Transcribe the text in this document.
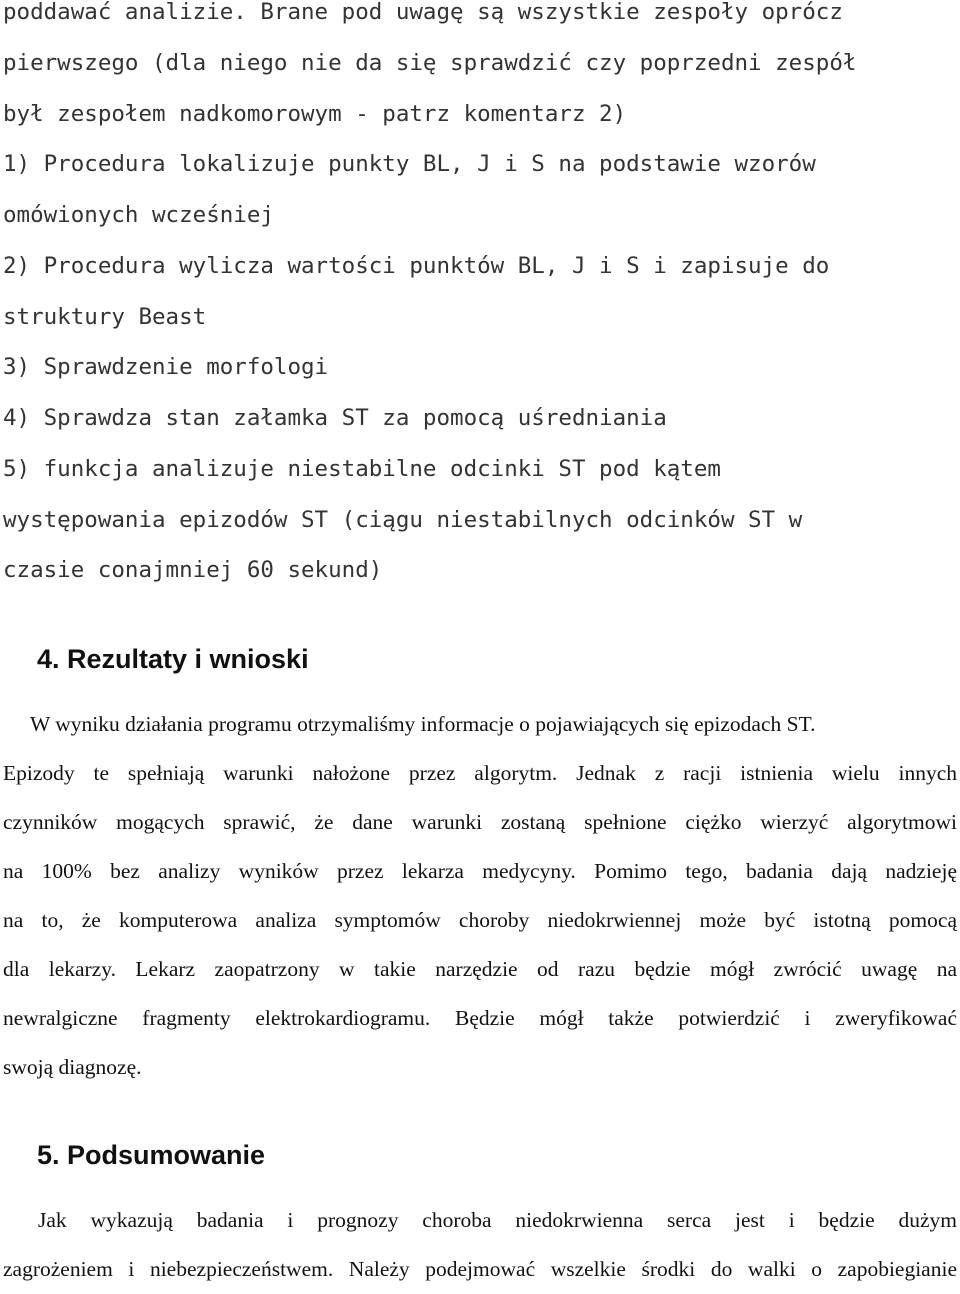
poddawać analizie. Brane pod uwagę są wszystkie zespoły oprócz
pierwszego (dla niego nie da się sprawdzić czy poprzedni zespół
był zespołem nadkomorowym - patrz komentarz 2)
1) Procedura lokalizuje punkty BL, J i S na podstawie wzorów
omówionych wcześniej
2) Procedura wylicza wartości punktów BL, J i S i zapisuje do
struktury Beast
3) Sprawdzenie morfologi
4) Sprawdza stan załamka ST za pomocą uśredniania
5) funkcja analizuje niestabilne odcinki ST pod kątem
występowania epizodów ST (ciągu niestabilnych odcinków ST w
czasie conajmniej 60 sekund)
4. Rezultaty i wnioski
W wyniku działania programu otrzymaliśmy informacje o pojawiających się epizodach ST.
Epizody te spełniają warunki nałożone przez algorytm. Jednak z racji istnienia wielu innych
czynników mogących sprawić, że dane warunki zostaną spełnione ciężko wierzyć algorytmowi
na 100% bez analizy wyników przez lekarza medycyny. Pomimo tego, badania dają nadzieję
na to, że komputerowa analiza symptomów choroby niedokrwiennej może być istotną pomocą
dla lekarzy. Lekarz zaopatrzony w takie narzędzie od razu będzie mógł zwrócić uwagę na
newralgiczne fragmenty elektrokardiogramu. Będzie mógł także potwierdzić i zweryfikować
swoją diagnozę.
5. Podsumowanie
Jak wykazują badania i prognozy choroba niedokrwienna serca jest i będzie dużym
zagrożeniem i niebezpieczeństwem. Należy podejmować wszelkie środki do walki o zapobiegianie
